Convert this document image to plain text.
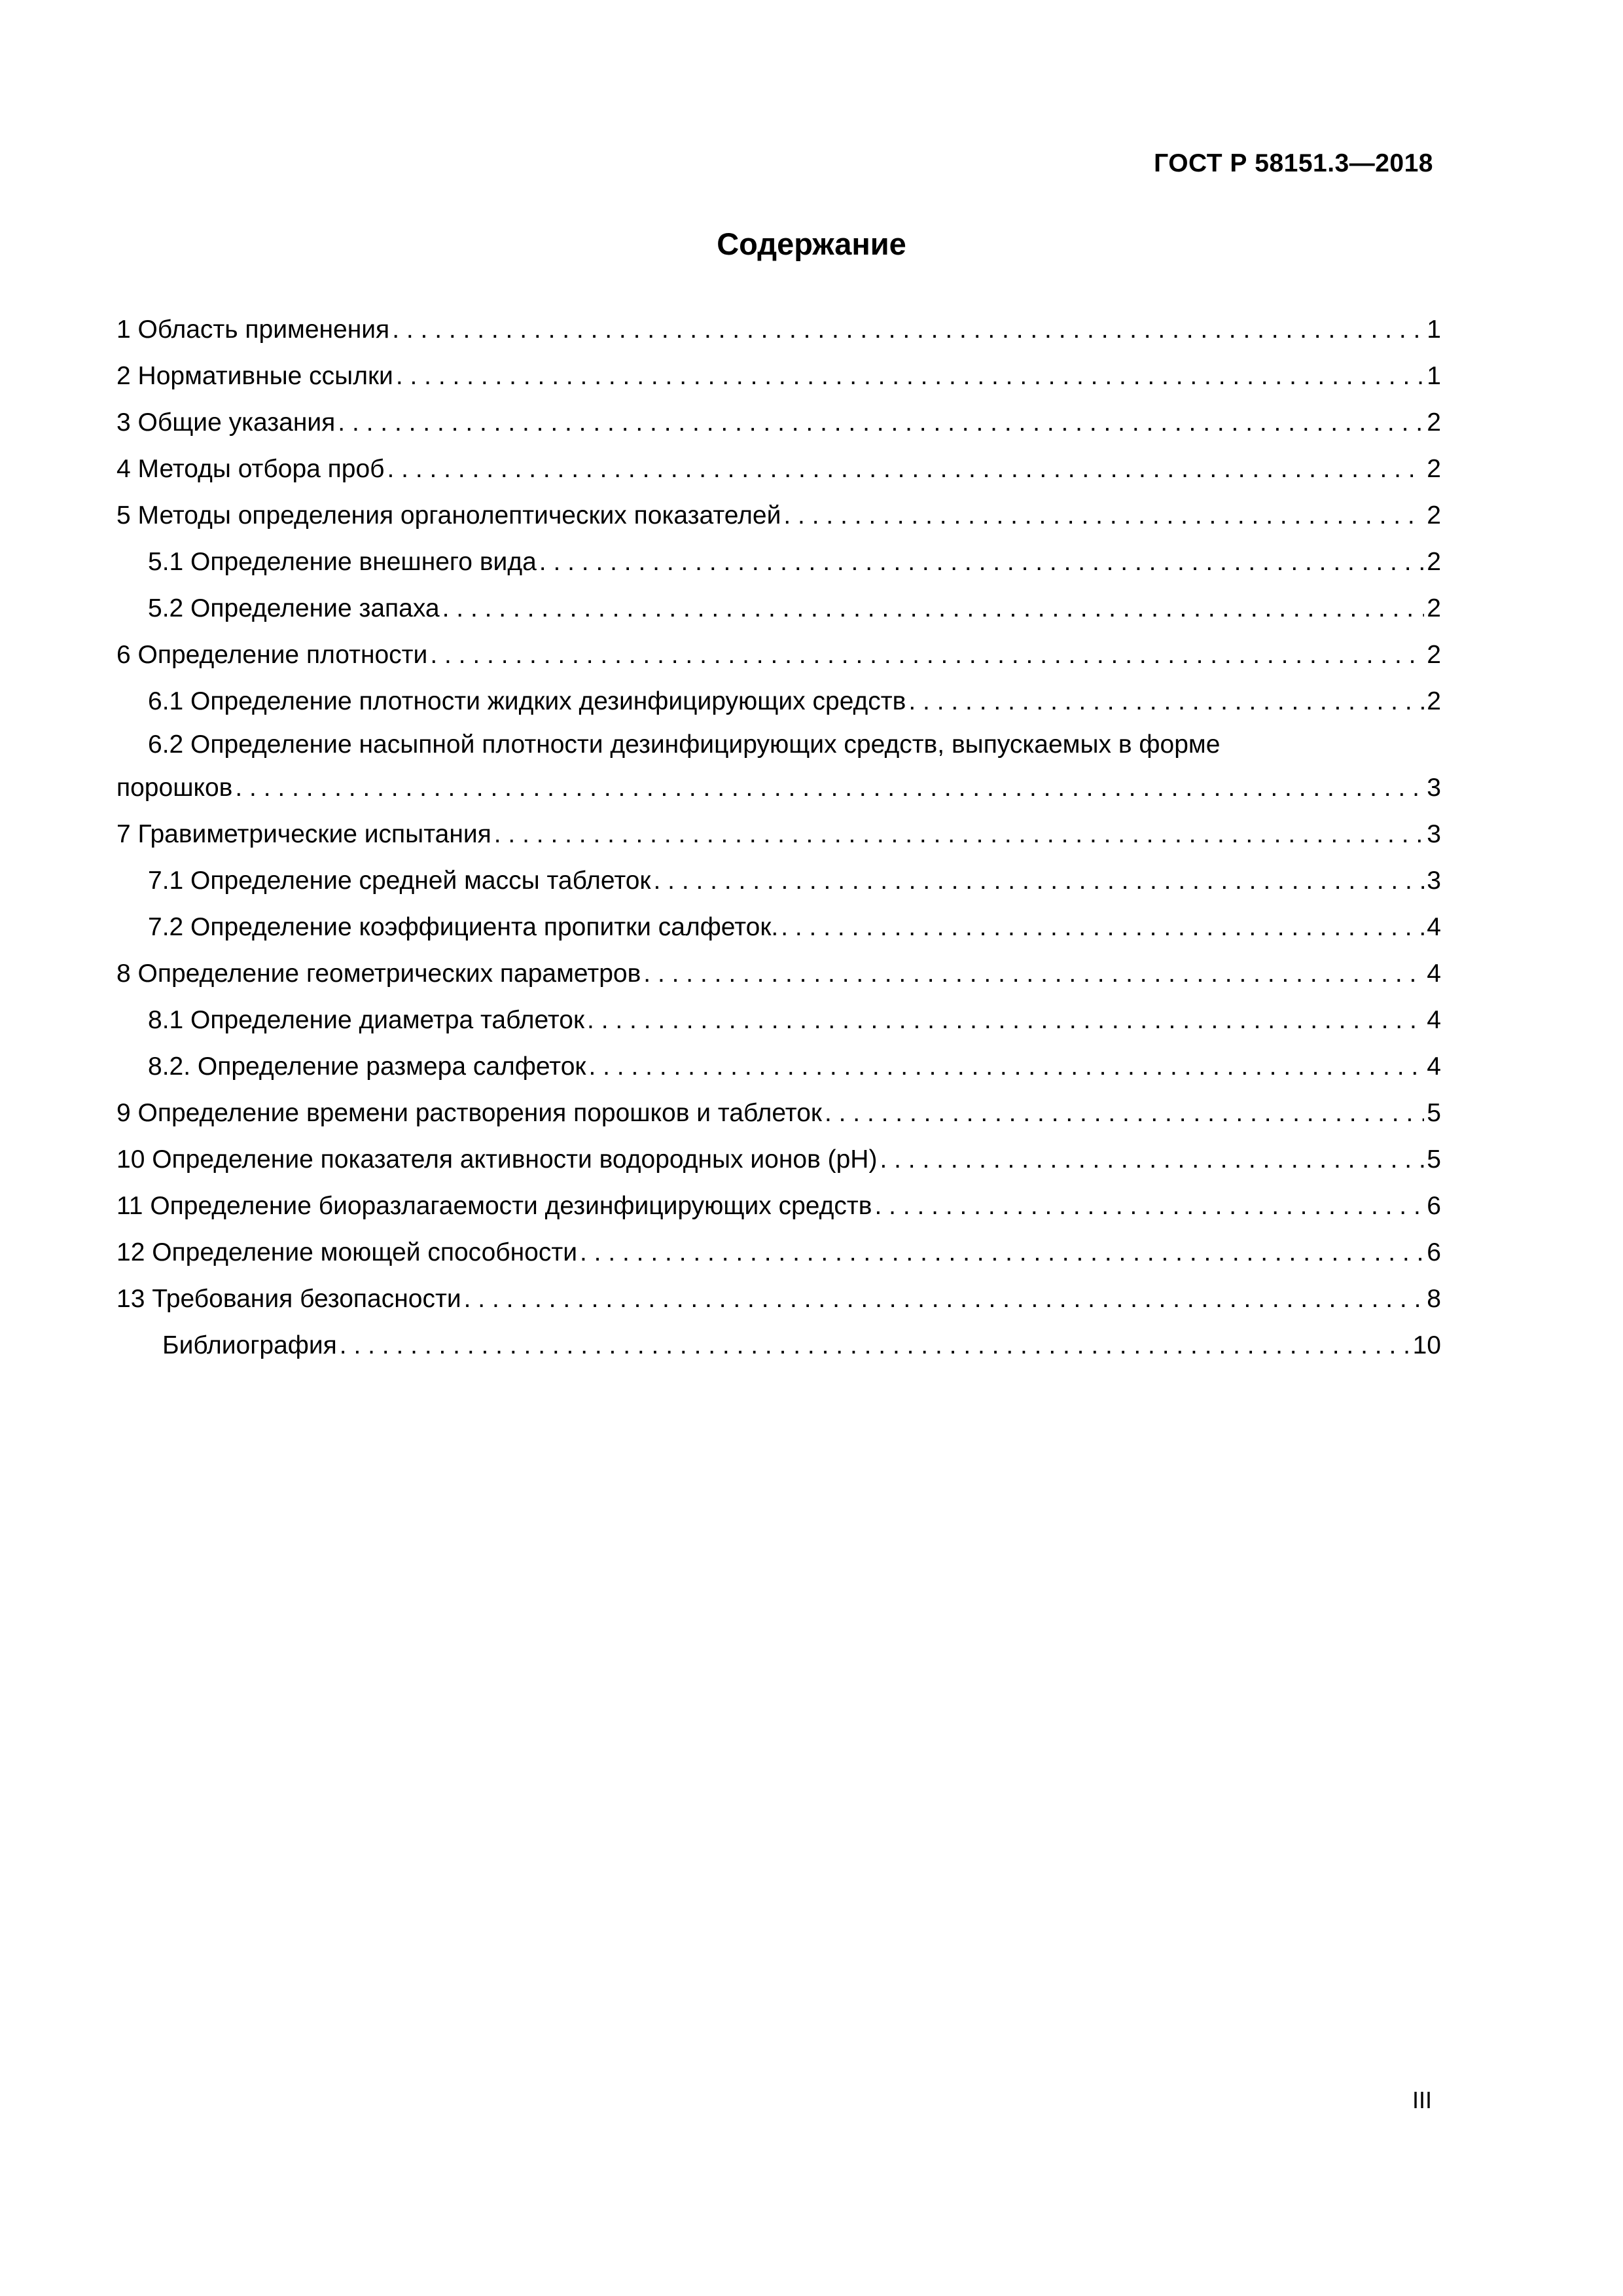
ГОСТ Р 58151.3—2018
Содержание
1 Область применения . . .	1
2 Нормативные ссылки . . .	1
3 Общие указания . . .	2
4 Методы отбора проб . . .	2
5 Методы определения органолептических показателей . . .	2
5.1 Определение внешнего вида . . .	2
5.2 Определение запаха . . .	2
6 Определение плотности . . .	2
6.1 Определение плотности жидких дезинфицирующих средств . . .	2
6.2 Определение насыпной плотности дезинфицирующих средств, выпускаемых в форме
порошков . . .	3
7 Гравиметрические испытания . . .	3
7.1 Определение средней массы таблеток . . .	3
7.2 Определение коэффициента пропитки салфеток. . . .	4
8 Определение геометрических параметров . . .	4
8.1 Определение диаметра таблеток . . .	4
8.2. Определение размера салфеток . . .	4
9 Определение времени растворения порошков и таблеток . . .	5
10 Определение показателя активности водородных ионов (рН) . . .	5
11 Определение биоразлагаемости дезинфицирующих средств . . .	6
12 Определение моющей способности . . .	6
13 Требования безопасности . . .	8
Библиография . . .	10
III
